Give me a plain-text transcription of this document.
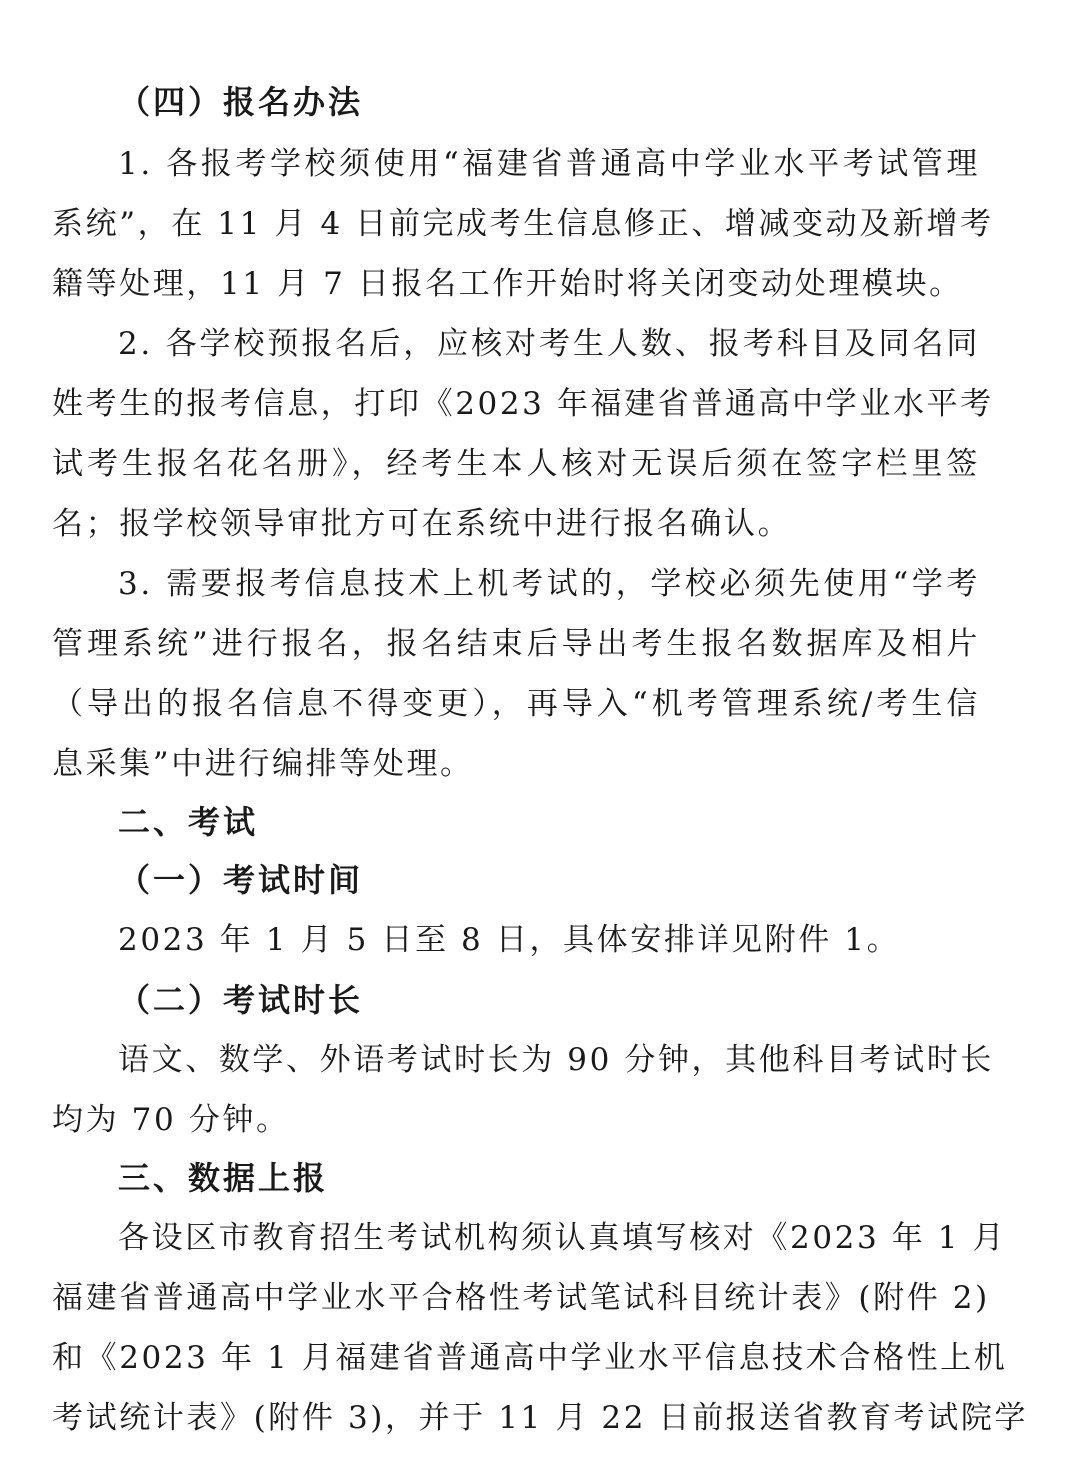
（四）报名办法
1. 各报考学校须使用“福建省普通高中学业水平考试管理
系统”，在 11 月 4 日前完成考生信息修正、增减变动及新增考
籍等处理，11 月 7 日报名工作开始时将关闭变动处理模块。
2. 各学校预报名后，应核对考生人数、报考科目及同名同
姓考生的报考信息，打印《2023 年福建省普通高中学业水平考
试考生报名花名册》，经考生本人核对无误后须在签字栏里签
名；报学校领导审批方可在系统中进行报名确认。
3. 需要报考信息技术上机考试的，学校必须先使用“学考
管理系统”进行报名，报名结束后导出考生报名数据库及相片
（导出的报名信息不得变更），再导入“机考管理系统/考生信
息采集”中进行编排等处理。
二、考试
（一）考试时间
2023 年 1 月 5 日至 8 日，具体安排详见附件 1。
（二）考试时长
语文、数学、外语考试时长为 90 分钟，其他科目考试时长
均为 70 分钟。
三、数据上报
各设区市教育招生考试机构须认真填写核对《2023 年 1 月
福建省普通高中学业水平合格性考试笔试科目统计表》(附件 2)
和《2023 年 1 月福建省普通高中学业水平信息技术合格性上机
考试统计表》(附件 3)，并于 11 月 22 日前报送省教育考试院学
